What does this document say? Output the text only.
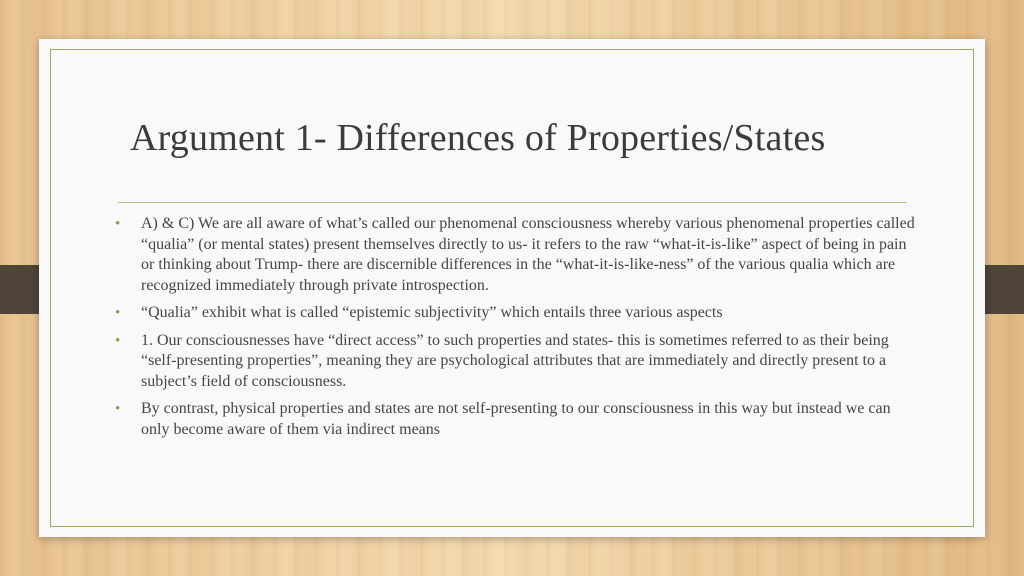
Argument 1- Differences of Properties/States
• A) & C) We are all aware of what’s called our phenomenal consciousness whereby various phenomenal properties called “qualia” (or mental states) present themselves directly to us- it refers to the raw “what-it-is-like” aspect of being in pain or thinking about Trump- there are discernible differences in the “what-it-is-like-ness” of the various qualia which are recognized immediately through private introspection.
• “Qualia” exhibit what is called “epistemic subjectivity” which entails three various aspects
• 1. Our consciousnesses have “direct access” to such properties and states- this is sometimes referred to as their being “self-presenting properties”, meaning they are psychological attributes that are immediately and directly present to a subject’s field of consciousness.
• By contrast, physical properties and states are not self-presenting to our consciousness in this way but instead we can only become aware of them via indirect means
